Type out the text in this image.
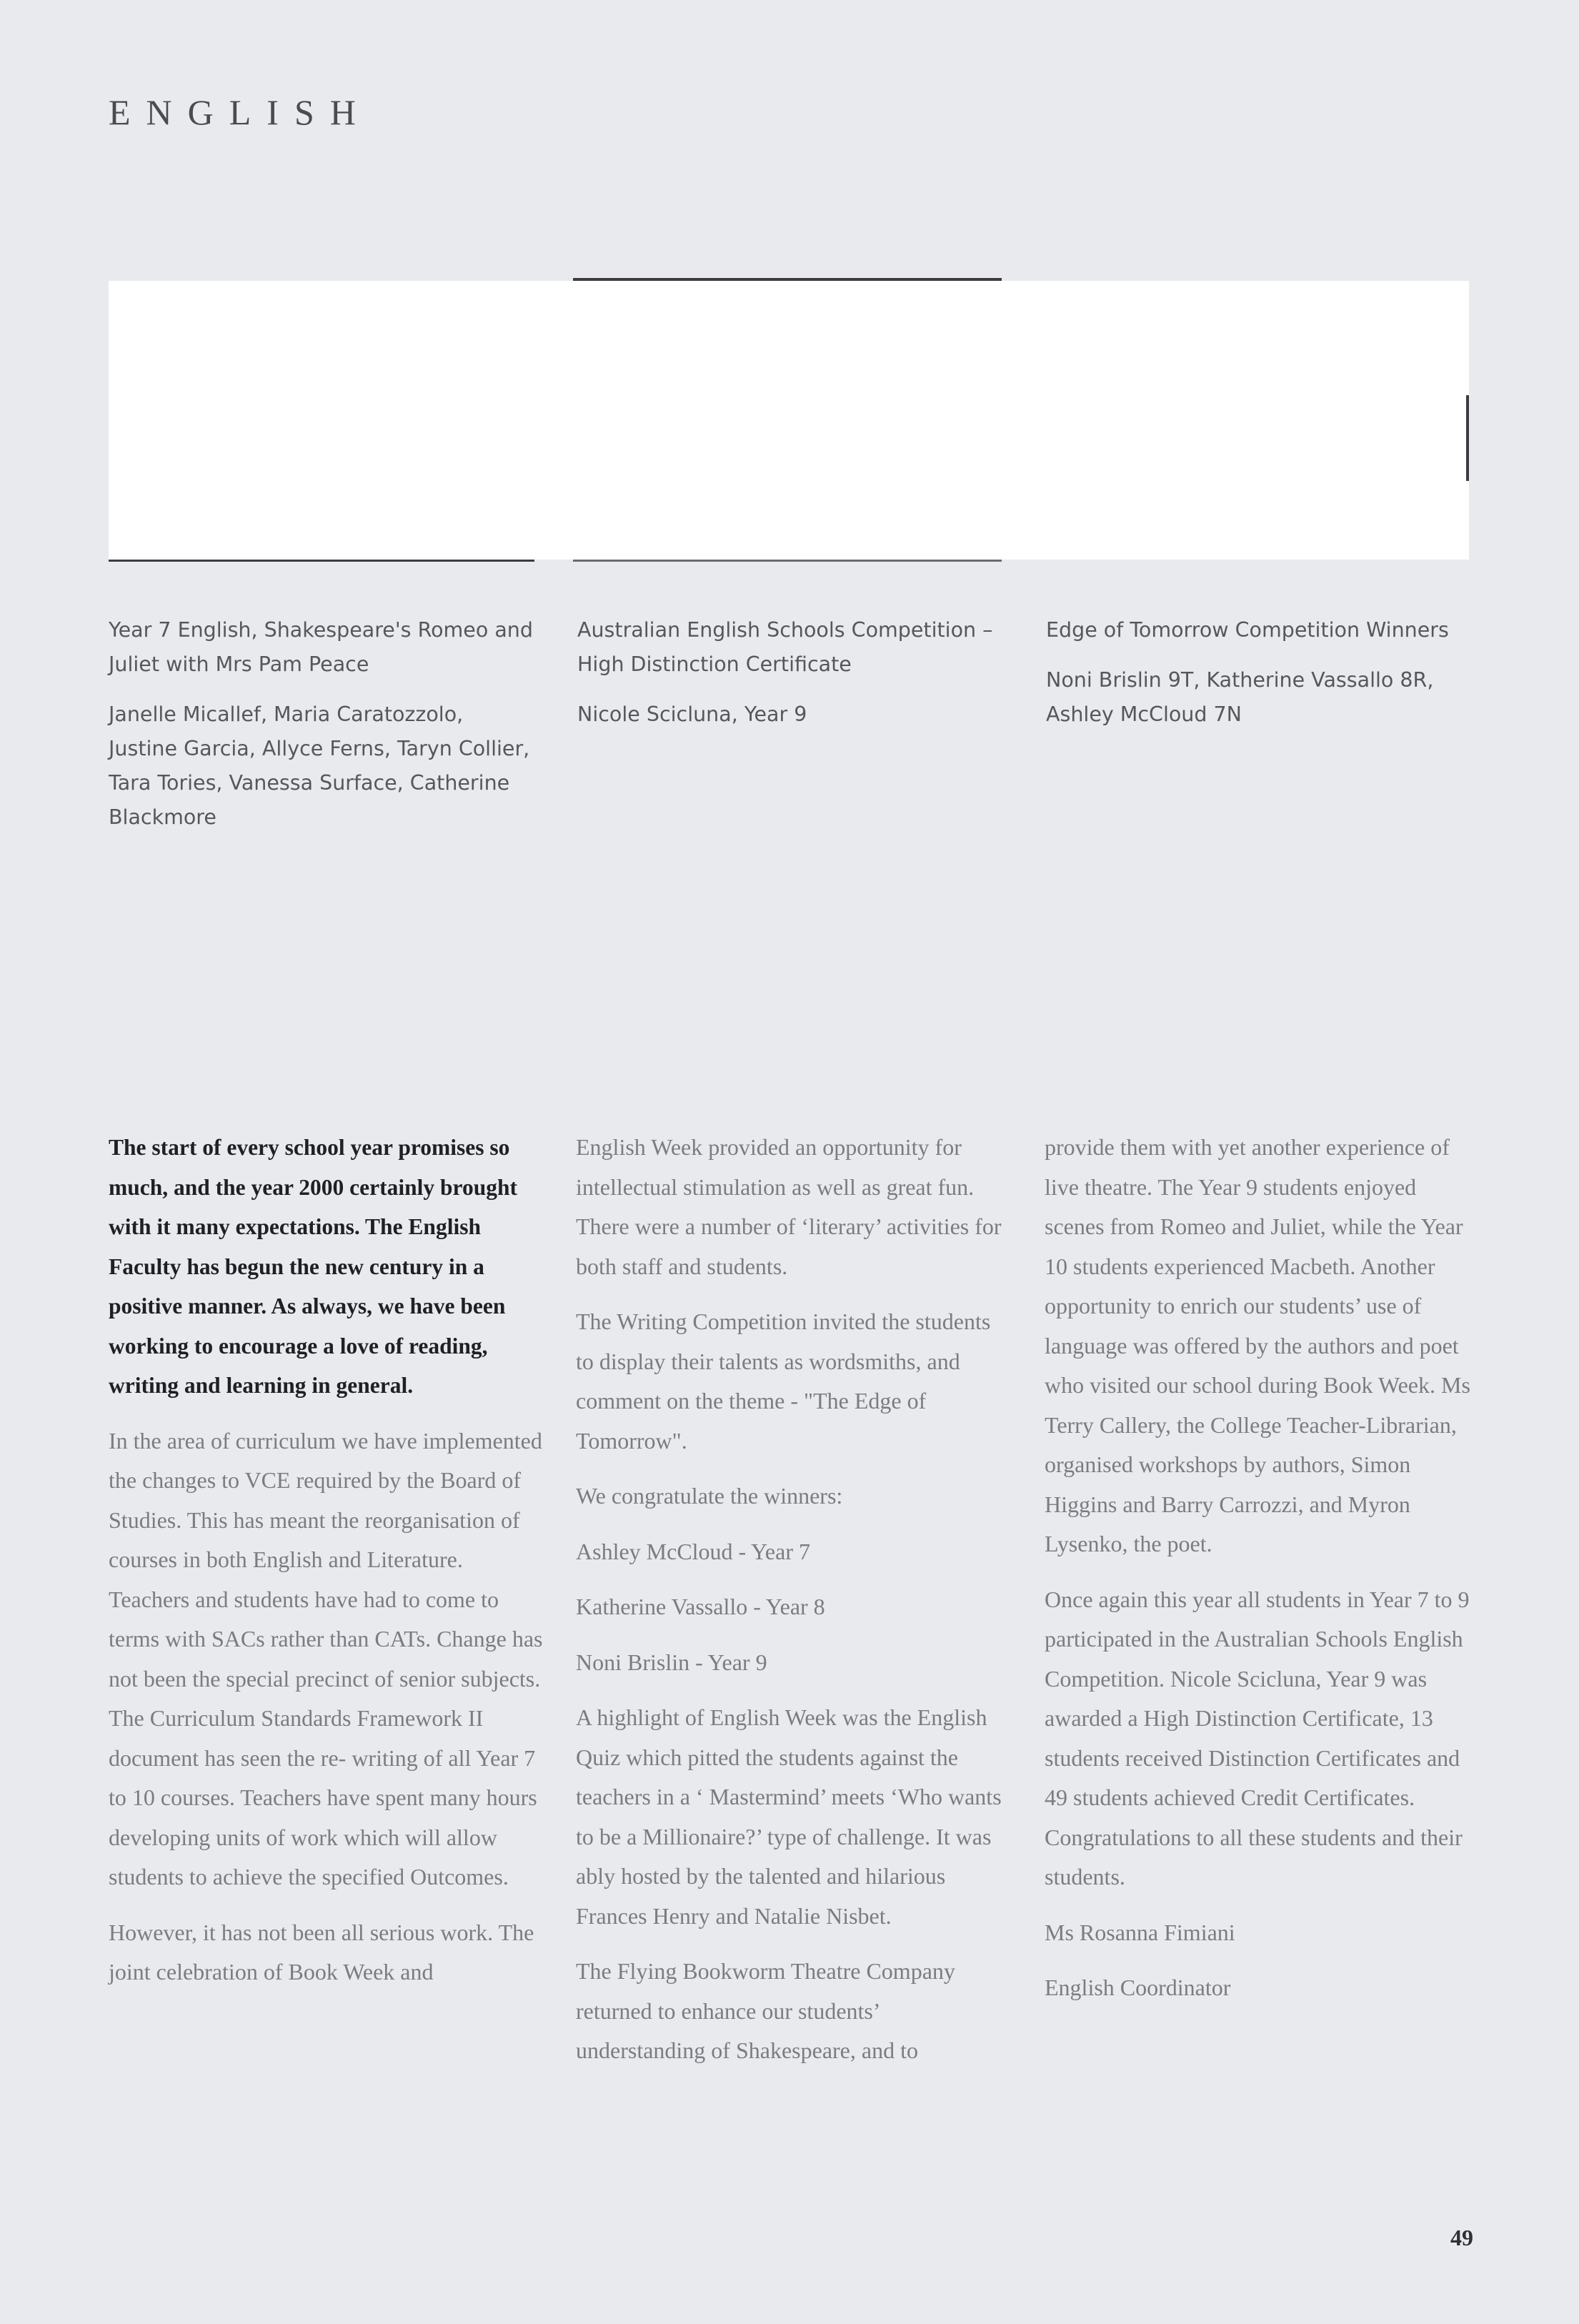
ENGLISH

Year 7 English, Shakespeare's Romeo and Juliet with Mrs Pam Peace

Janelle Micallef, Maria Caratozzolo, Justine Garcia, Allyce Ferns, Taryn Collier, Tara Tories, Vanessa Surface, Catherine Blackmore

Australian English Schools Competition – High Distinction Certificate

Nicole Scicluna, Year 9

Edge of Tomorrow Competition Winners

Noni Brislin 9T, Katherine Vassallo 8R, Ashley McCloud 7N

The start of every school year promises so much, and the year 2000 certainly brought with it many expectations. The English Faculty has begun the new century in a positive manner. As always, we have been working to encourage a love of reading, writing and learning in general.

In the area of curriculum we have implemented the changes to VCE required by the Board of Studies. This has meant the reorganisation of courses in both English and Literature. Teachers and students have had to come to terms with SACs rather than CATs. Change has not been the special precinct of senior subjects. The Curriculum Standards Framework II document has seen the re- writing of all Year 7 to 10 courses. Teachers have spent many hours developing units of work which will allow students to achieve the specified Outcomes.

However, it has not been all serious work. The joint celebration of Book Week and

English Week provided an opportunity for intellectual stimulation as well as great fun. There were a number of ‘literary’ activities for both staff and students.

The Writing Competition invited the students to display their talents as wordsmiths, and comment on the theme - "The Edge of Tomorrow".

We congratulate the winners:

Ashley McCloud - Year 7

Katherine Vassallo - Year 8

Noni Brislin - Year 9

A highlight of English Week was the English Quiz which pitted the students against the teachers in a ‘ Mastermind’ meets ‘Who wants to be a Millionaire?’ type of challenge. It was ably hosted by the talented and hilarious Frances Henry and Natalie Nisbet.

The Flying Bookworm Theatre Company returned to enhance our students’ understanding of Shakespeare, and to

provide them with yet another experience of live theatre. The Year 9 students enjoyed scenes from Romeo and Juliet, while the Year 10 students experienced Macbeth. Another opportunity to enrich our students’ use of language was offered by the authors and poet who visited our school during Book Week. Ms Terry Callery, the College Teacher-Librarian, organised workshops by authors, Simon Higgins and Barry Carrozzi, and Myron Lysenko, the poet.

Once again this year all students in Year 7 to 9 participated in the Australian Schools English Competition. Nicole Scicluna, Year 9 was awarded a High Distinction Certificate, 13 students received Distinction Certificates and 49 students achieved Credit Certificates. Congratulations to all these students and their students.

Ms Rosanna Fimiani

English Coordinator

49
